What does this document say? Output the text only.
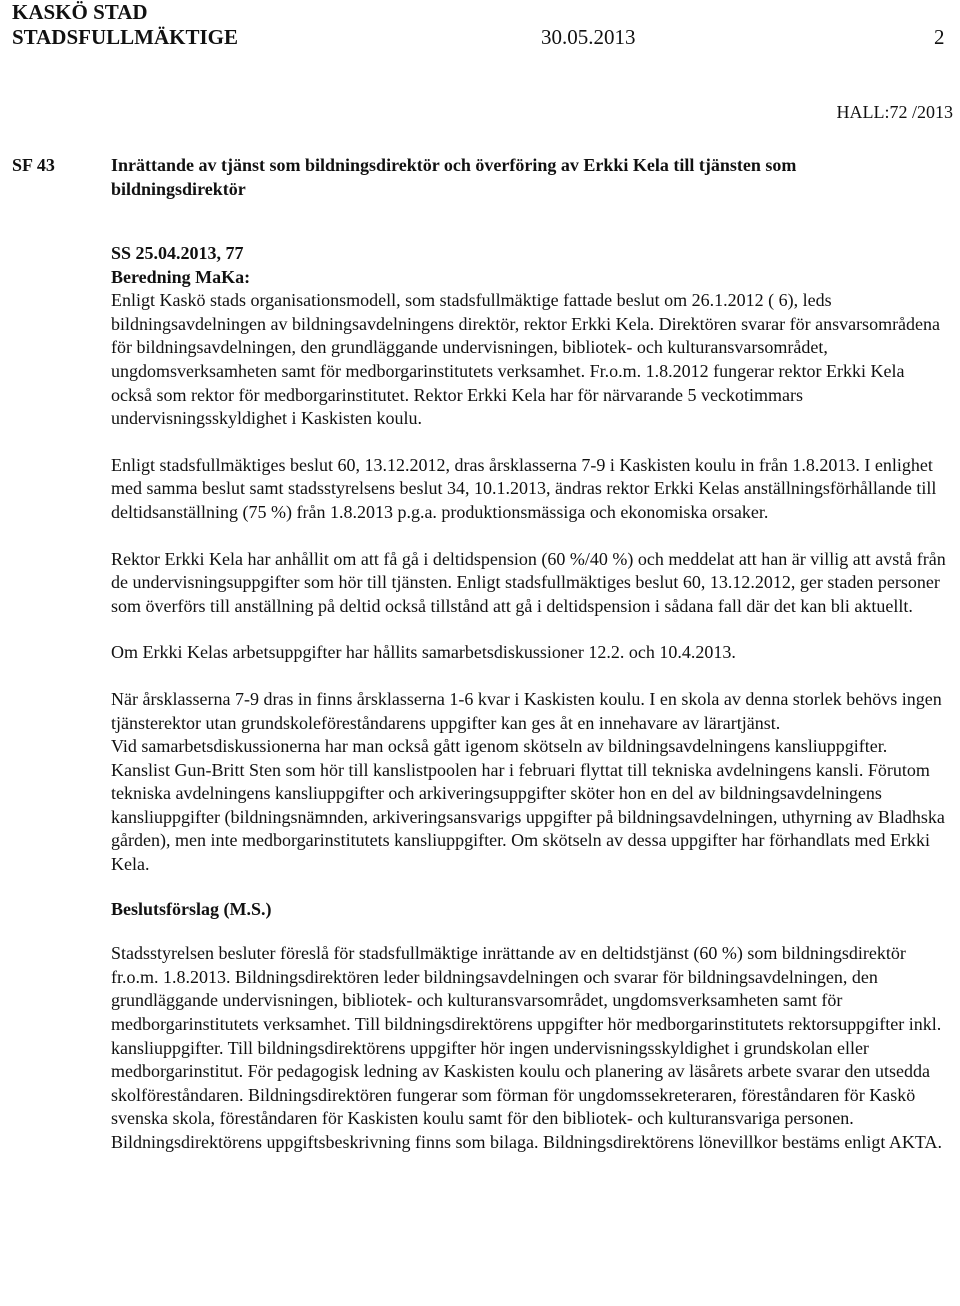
KASKÖ STAD
STADSFULLMÄKTIGE	30.05.2013	2
HALL:72 /2013
SF 43	Inrättande av tjänst som bildningsdirektör och överföring av Erkki Kela till tjänsten som bildningsdirektör

SS 25.04.2013, 77

Beredning MaKa:

Enligt Kaskö stads organisationsmodell, som stadsfullmäktige fattade beslut om 26.1.2012 ( 6), leds bildningsavdelningen av bildningsavdelningens direktör, rektor Erkki Kela. Direktören svarar för ansvarsområdena för bildningsavdelningen, den grundläggande undervisningen, bibliotek- och kulturansvarsområdet, ungdomsverksamheten samt för medborgarinstitutets verksamhet. Fr.o.m. 1.8.2012 fungerar rektor Erkki Kela också som rektor för medborgarinstitutet. Rektor Erkki Kela har för närvarande 5 veckotimmars undervisningsskyldighet i Kaskisten koulu.

Enligt stadsfullmäktiges beslut 60, 13.12.2012, dras årsklasserna 7-9 i Kaskisten koulu in från 1.8.2013. I enlighet med samma beslut samt stadsstyrelsens beslut 34, 10.1.2013, ändras rektor Erkki Kelas anställningsförhållande till deltidsanställning (75 %) från 1.8.2013 p.g.a. produktionsmässiga och ekonomiska orsaker.

Rektor Erkki Kela har anhållit om att få gå i deltidspension (60 %/40 %) och meddelat att han är villig att avstå från de undervisningsuppgifter som hör till tjänsten. Enligt stadsfullmäktiges beslut 60, 13.12.2012, ger staden personer som överförs till anställning på deltid också tillstånd att gå i deltidspension i sådana fall där det kan bli aktuellt.

Om Erkki Kelas arbetsuppgifter har hållits samarbetsdiskussioner 12.2. och 10.4.2013.

När årsklasserna 7-9 dras in finns årsklasserna 1-6 kvar i Kaskisten koulu. I en skola av denna storlek behövs ingen tjänsterektor utan grundskoleföreståndarens uppgifter kan ges åt en innehavare av lärartjänst.

Vid samarbetsdiskussionerna har man också gått igenom skötseln av bildningsavdelningens kansliuppgifter. Kanslist Gun-Britt Sten som hör till kanslistpoolen har i februari flyttat till tekniska avdelningens kansli. Förutom tekniska avdelningens kansliuppgifter och arkiveringsuppgifter sköter hon en del av bildningsavdelningens kansliuppgifter (bildningsnämnden, arkiveringsansvarigs uppgifter på bildningsavdelningen, uthyrning av Bladhska gården), men inte medborgarinstitutets kansliuppgifter. Om skötseln av dessa uppgifter har förhandlats med Erkki Kela.

Beslutsförslag (M.S.)

Stadsstyrelsen besluter föreslå för stadsfullmäktige inrättande av en deltidstjänst (60 %) som bildningsdirektör fr.o.m. 1.8.2013. Bildningsdirektören leder bildningsavdelningen och svarar för bildningsavdelningen, den grundläggande undervisningen, bibliotek- och kulturansvarsområdet, ungdomsverksamheten samt för medborgarinstitutets verksamhet. Till bildningsdirektörens uppgifter hör medborgarinstitutets rektorsuppgifter inkl. kansliuppgifter. Till bildningsdirektörens uppgifter hör ingen undervisningsskyldighet i grundskolan eller medborgarinstitut. För pedagogisk ledning av Kaskisten koulu och planering av läsårets arbete svarar den utsedda skolföreståndaren. Bildningsdirektören fungerar som förman för ungdomssekreteraren, föreståndaren för Kaskö svenska skola, föreståndaren för Kaskisten koulu samt för den bibliotek- och kulturansvariga personen. Bildningsdirektörens uppgiftsbeskrivning finns som bilaga. Bildningsdirektörens lönevillkor bestäms enligt AKTA.
